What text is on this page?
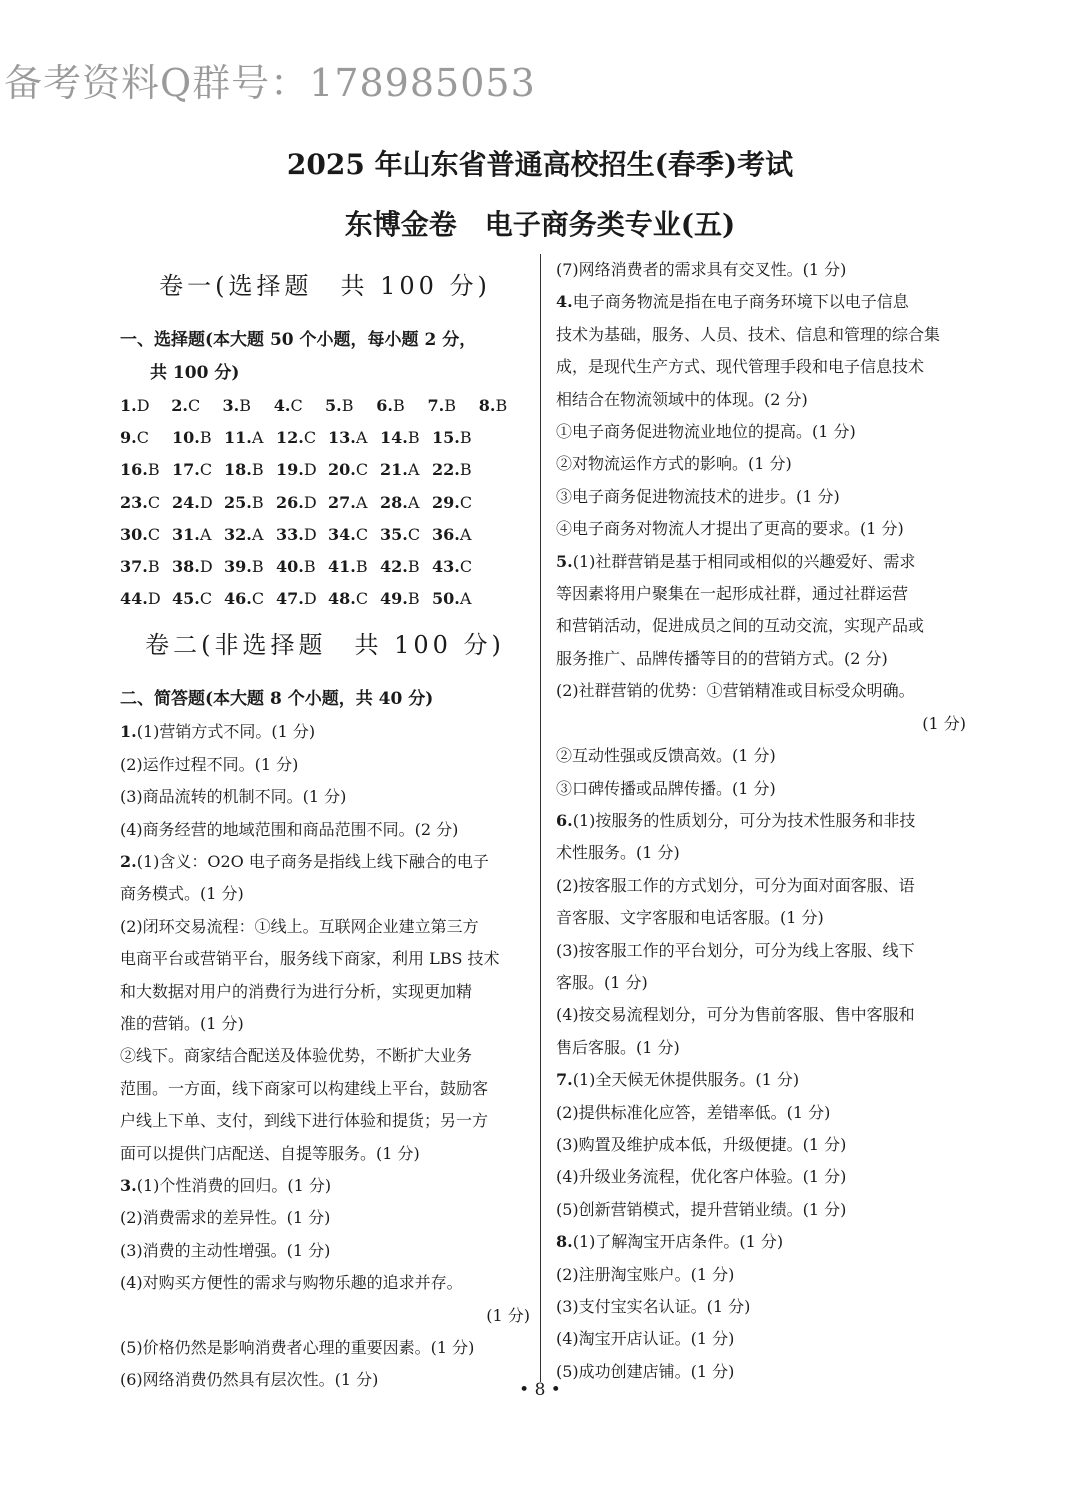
备考资料Q群号：178985053
2025 年山东省普通高校招生(春季)考试
东博金卷　电子商务类专业(五)
卷一(选择题　共 100 分)
一、选择题(本大题 50 个小题，每小题 2 分，
共 100 分)
1.D	2.C	3.B	4.C	5.B	6.B	7.B	8.B
9.C	10.B 11.A 12.C 13.A 14.B 15.B
16.B 17.C 18.B 19.D 20.C 21.A 22.B
23.C 24.D 25.B 26.D 27.A 28.A 29.C
30.C 31.A 32.A 33.D 34.C 35.C 36.A
37.B 38.D 39.B 40.B 41.B 42.B 43.C
44.D 45.C 46.C 47.D 48.C 49.B 50.A
卷二(非选择题　共 100 分)
二、简答题(本大题 8 个小题，共 40 分)

1.(1)营销方式不同。(1 分)

(2)运作过程不同。(1 分)

(3)商品流转的机制不同。(1 分)

(4)商务经营的地域范围和商品范围不同。(2 分)

2.(1)含义：O2O 电子商务是指线上线下融合的电子

商务模式。(1 分)

(2)闭环交易流程：①线上。互联网企业建立第三方

电商平台或营销平台，服务线下商家，利用 LBS 技术

和大数据对用户的消费行为进行分析，实现更加精

准的营销。(1 分)

②线下。商家结合配送及体验优势，不断扩大业务

范围。一方面，线下商家可以构建线上平台，鼓励客

户线上下单、支付，到线下进行体验和提货；另一方

面可以提供门店配送、自提等服务。(1 分)

3.(1)个性消费的回归。(1 分)

(2)消费需求的差异性。(1 分)

(3)消费的主动性增强。(1 分)

(4)对购买方便性的需求与购物乐趣的追求并存。

(1 分)

(5)价格仍然是影响消费者心理的重要因素。(1 分)

(6)网络消费仍然具有层次性。(1 分)

(7)网络消费者的需求具有交叉性。(1 分)

4.电子商务物流是指在电子商务环境下以电子信息

技术为基础，服务、人员、技术、信息和管理的综合集

成，是现代生产方式、现代管理手段和电子信息技术

相结合在物流领域中的体现。(2 分)

①电子商务促进物流业地位的提高。(1 分)

②对物流运作方式的影响。(1 分)

③电子商务促进物流技术的进步。(1 分)

④电子商务对物流人才提出了更高的要求。(1 分)

5.(1)社群营销是基于相同或相似的兴趣爱好、需求

等因素将用户聚集在一起形成社群，通过社群运营

和营销活动，促进成员之间的互动交流，实现产品或

服务推广、品牌传播等目的的营销方式。(2 分)

(2)社群营销的优势：①营销精准或目标受众明确。

(1 分)

②互动性强或反馈高效。(1 分)

③口碑传播或品牌传播。(1 分)

6.(1)按服务的性质划分，可分为技术性服务和非技

术性服务。(1 分)

(2)按客服工作的方式划分，可分为面对面客服、语

音客服、文字客服和电话客服。(1 分)

(3)按客服工作的平台划分，可分为线上客服、线下

客服。(1 分)

(4)按交易流程划分，可分为售前客服、售中客服和

售后客服。(1 分)

7.(1)全天候无休提供服务。(1 分)

(2)提供标准化应答，差错率低。(1 分)

(3)购置及维护成本低，升级便捷。(1 分)

(4)升级业务流程，优化客户体验。(1 分)

(5)创新营销模式，提升营销业绩。(1 分)

8.(1)了解淘宝开店条件。(1 分)

(2)注册淘宝账户。(1 分)

(3)支付宝实名认证。(1 分)

(4)淘宝开店认证。(1 分)

(5)成功创建店铺。(1 分)

• 8 •
